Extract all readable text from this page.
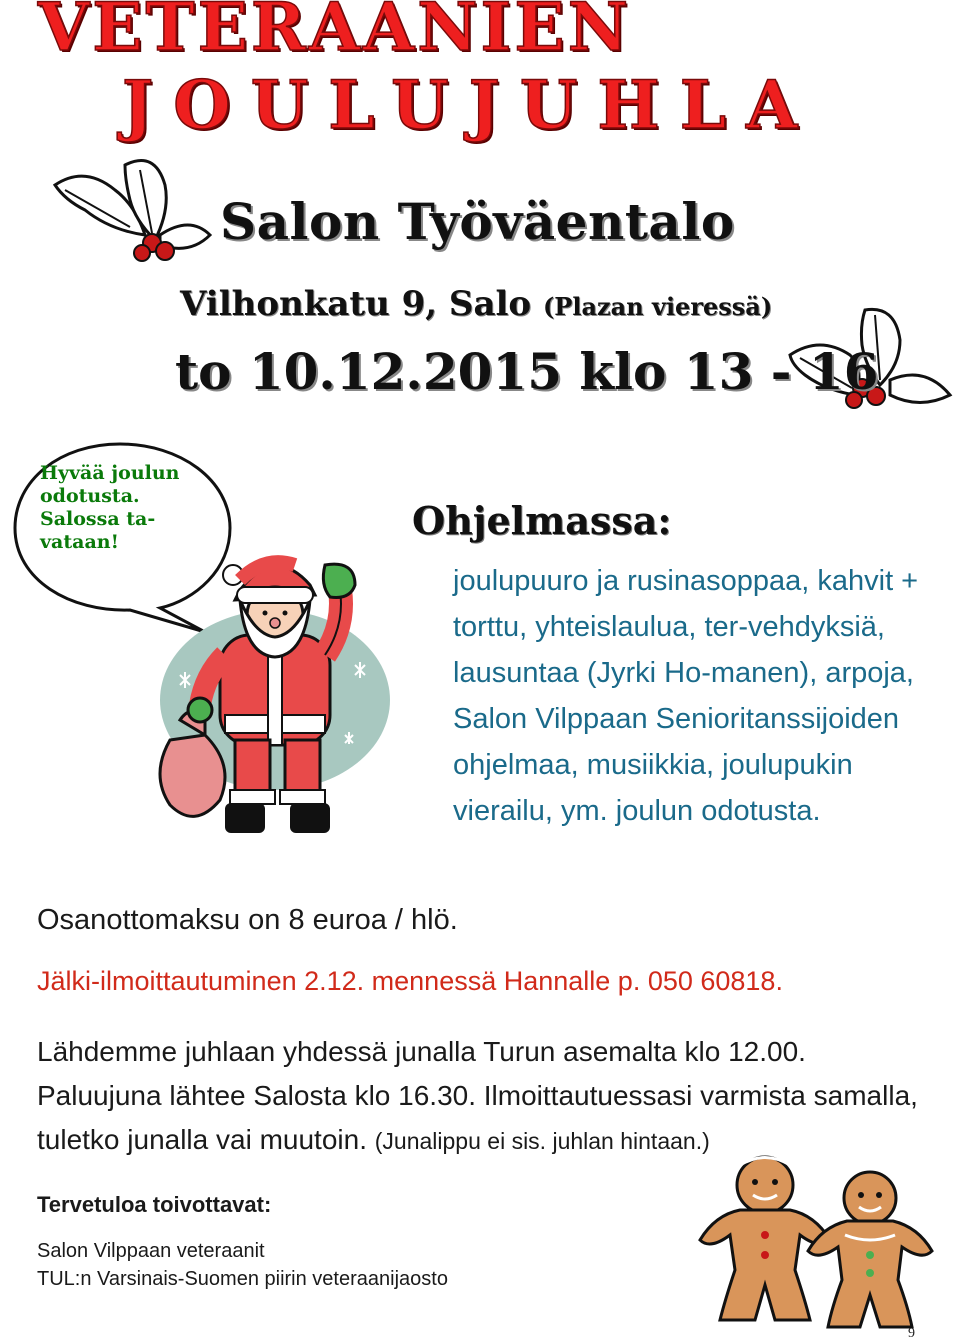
VETERAANIEN
JOULUJUHLA
Salon Työväentalo
Vilhonkatu 9, Salo (Plazan vieressä)
to 10.12.2015 klo 13 - 16
Hyvää joulun odotusta. Salossa ta-vataan!	Ohjelmassa:
joulupuuro ja rusinasoppaa, kahvit + torttu, yhteislaulua, ter-vehdyksiä, lausuntaa (Jyrki Ho-manen), arpoja, Salon Vilppaan Senioritanssijoiden ohjelmaa, musiikkia, joulupukin vierailu, ym. joulun odotusta.
Osanottomaksu on 8 euroa / hlö.
Jälki-ilmoittautuminen 2.12. mennessä Hannalle p. 050 60818.
Lähdemme juhlaan yhdessä junalla Turun asemalta klo 12.00. Paluujuna lähtee Salosta klo 16.30. Ilmoittautuessasi varmista samalla, tuletko junalla vai muutoin. (Junalippu ei sis. juhlan hintaan.)
Tervetuloa toivottavat:
Salon Vilppaan veteraanit
TUL:n Varsinais-Suomen piirin veteraanijaosto
9
